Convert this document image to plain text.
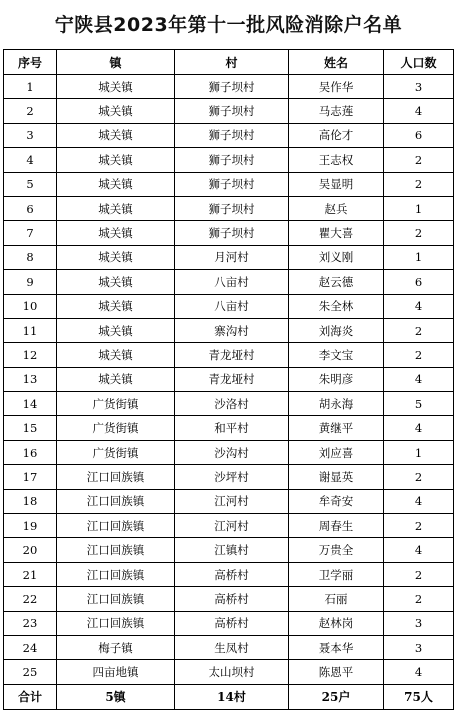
宁陕县2023年第十一批风险消除户名单
序号	镇	村	姓名	人口数
1	城关镇	狮子坝村	吴作华	3
2	城关镇	狮子坝村	马志莲	4
3	城关镇	狮子坝村	高伦才	6
4	城关镇	狮子坝村	王志权	2
5	城关镇	狮子坝村	吴显明	2
6	城关镇	狮子坝村	赵兵	1
7	城关镇	狮子坝村	瞿大喜	2
8	城关镇	月河村	刘义刚	1
9	城关镇	八亩村	赵云德	6
10	城关镇	八亩村	朱全林	4
11	城关镇	寨沟村	刘海炎	2
12	城关镇	青龙垭村	李文宝	2
13	城关镇	青龙垭村	朱明彦	4
14	广货街镇	沙洛村	胡永海	5
15	广货街镇	和平村	黄继平	4
16	广货街镇	沙沟村	刘应喜	1
17	江口回族镇	沙坪村	谢显英	2
18	江口回族镇	江河村	牟奇安	4
19	江口回族镇	江河村	周春生	2
20	江口回族镇	江镇村	万贵全	4
21	江口回族镇	高桥村	卫学丽	2
22	江口回族镇	高桥村	石丽	2
23	江口回族镇	高桥村	赵林岗	3
24	梅子镇	生凤村	聂本华	3
25	四亩地镇	太山坝村	陈恩平	4
合计	5镇	14村	25户	75人
